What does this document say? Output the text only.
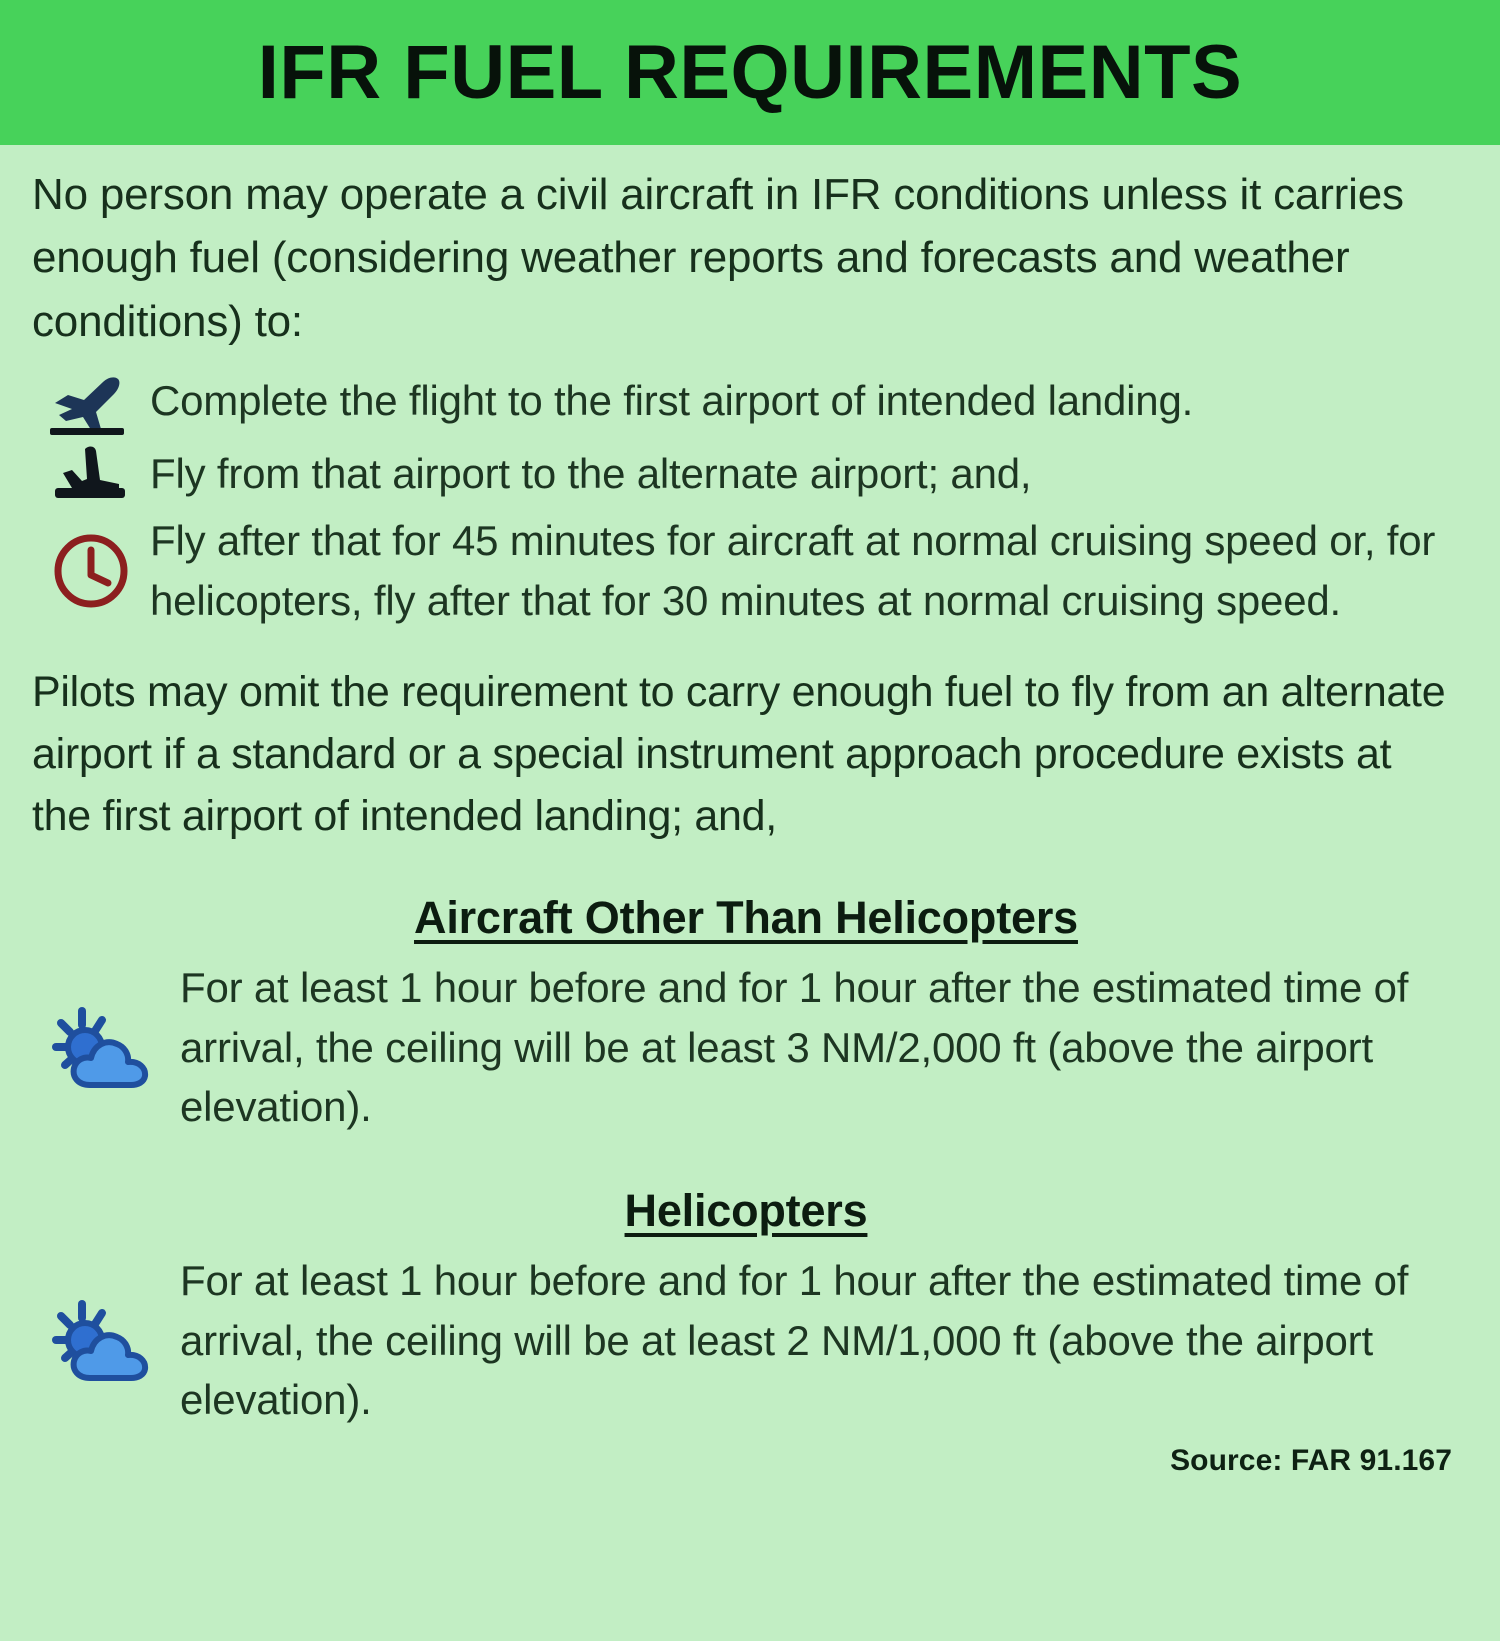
IFR FUEL REQUIREMENTS

No person may operate a civil aircraft in IFR conditions unless it carries enough fuel (considering weather reports and forecasts and weather conditions) to:

Complete the flight to the first airport of intended landing.
Fly from that airport to the alternate airport; and,
Fly after that for 45 minutes for aircraft at normal cruising speed or, for helicopters, fly after that for 30 minutes at normal cruising speed.

Pilots may omit the requirement to carry enough fuel to fly from an alternate airport if a standard or a special instrument approach procedure exists at the first airport of intended landing; and,

Aircraft Other Than Helicopters
For at least 1 hour before and for 1 hour after the estimated time of arrival, the ceiling will be at least 3 NM/2,000 ft (above the airport elevation).
Helicopters
For at least 1 hour before and for 1 hour after the estimated time of arrival, the ceiling will be at least 2 NM/1,000 ft (above the airport elevation).
Source: FAR 91.167
